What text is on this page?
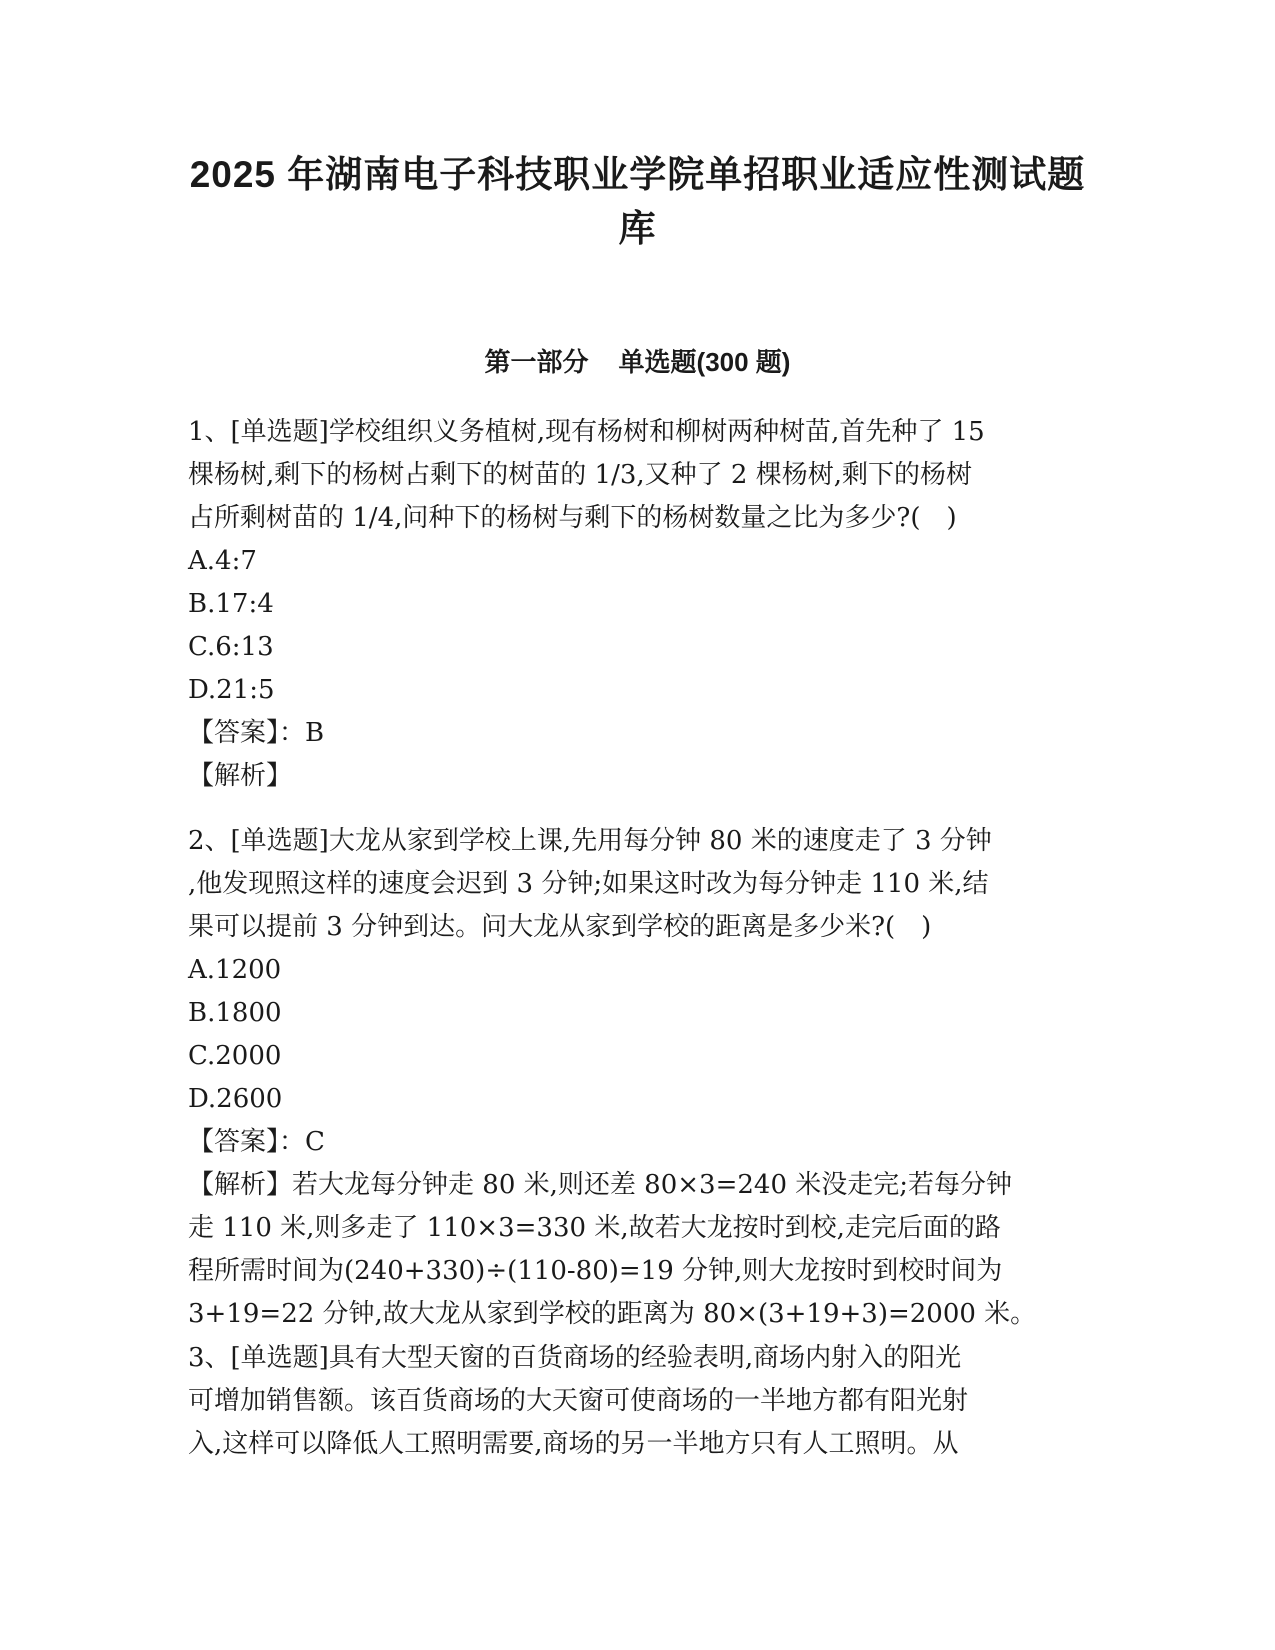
2025 年湖南电子科技职业学院单招职业适应性测试题
库
第一部分 单选题(300 题)
1、[单选题]学校组织义务植树,现有杨树和柳树两种树苗,首先种了 15
棵杨树,剩下的杨树占剩下的树苗的 1/3,又种了 2 棵杨树,剩下的杨树
占所剩树苗的 1/4,问种下的杨树与剩下的杨树数量之比为多少?(　)
A.4:7
B.17:4
C.6:13
D.21:5
【答案】：B
【解析】
2、[单选题]大龙从家到学校上课,先用每分钟 80 米的速度走了 3 分钟
,他发现照这样的速度会迟到 3 分钟;如果这时改为每分钟走 110 米,结
果可以提前 3 分钟到达。问大龙从家到学校的距离是多少米?(　)
A.1200
B.1800
C.2000
D.2600
【答案】：C
【解析】若大龙每分钟走 80 米,则还差 80×3=240 米没走完;若每分钟
走 110 米,则多走了 110×3=330 米,故若大龙按时到校,走完后面的路
程所需时间为(240+330)÷(110-80)=19 分钟,则大龙按时到校时间为
3+19=22 分钟,故大龙从家到学校的距离为 80×(3+19+3)=2000 米。
3、[单选题]具有大型天窗的百货商场的经验表明,商场内射入的阳光
可增加销售额。该百货商场的大天窗可使商场的一半地方都有阳光射
入,这样可以降低人工照明需要,商场的另一半地方只有人工照明。从
